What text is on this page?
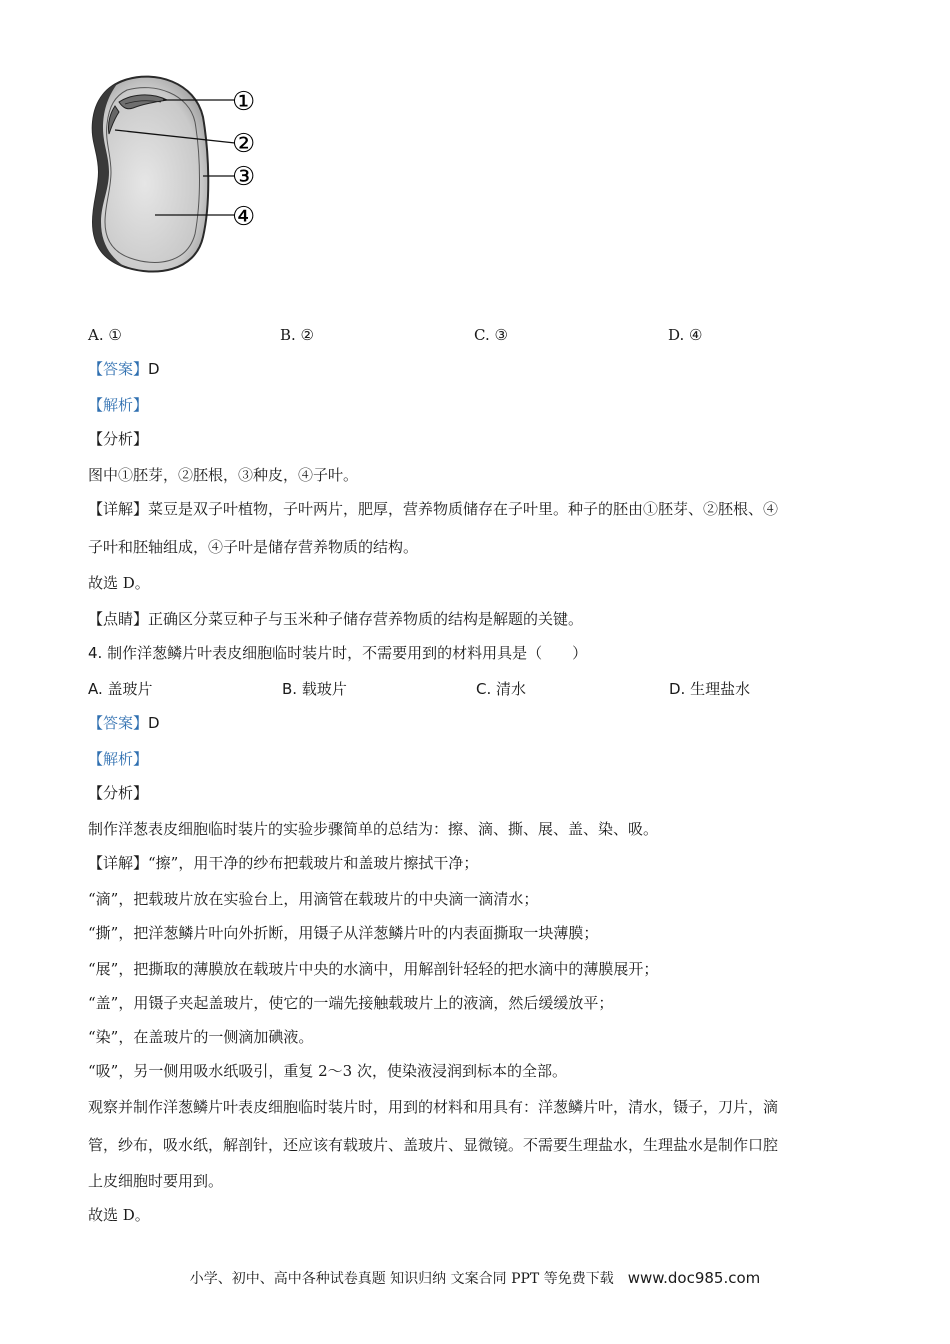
①
②
③
④
A. ①	B. ②	C. ③	D. ④
【答案】D
【解析】
【分析】
图中①胚芽，②胚根，③种皮，④子叶。
【详解】菜豆是双子叶植物，子叶两片，肥厚，营养物质储存在子叶里。种子的胚由①胚芽、②胚根、④
子叶和胚轴组成，④子叶是储存营养物质的结构。
故选 D。
【点睛】正确区分菜豆种子与玉米种子储存营养物质的结构是解题的关键。
4. 制作洋葱鳞片叶表皮细胞临时装片时，不需要用到的材料用具是（　　）
A. 盖玻片	B. 载玻片	C. 清水	D. 生理盐水
【答案】D
【解析】
【分析】
制作洋葱表皮细胞临时装片的实验步骤简单的总结为：擦、滴、撕、展、盖、染、吸。
【详解】“擦”，用干净的纱布把载玻片和盖玻片擦拭干净；
“滴”，把载玻片放在实验台上，用滴管在载玻片的中央滴一滴清水；
“撕”，把洋葱鳞片叶向外折断，用镊子从洋葱鳞片叶的内表面撕取一块薄膜；
“展”，把撕取的薄膜放在载玻片中央的水滴中，用解剖针轻轻的把水滴中的薄膜展开；
“盖”，用镊子夹起盖玻片，使它的一端先接触载玻片上的液滴，然后缓缓放平；
“染”，在盖玻片的一侧滴加碘液。
“吸”，另一侧用吸水纸吸引，重复 2～3 次，使染液浸润到标本的全部。
观察并制作洋葱鳞片叶表皮细胞临时装片时，用到的材料和用具有：洋葱鳞片叶，清水，镊子，刀片，滴
管，纱布，吸水纸，解剖针，还应该有载玻片、盖玻片、显微镜。不需要生理盐水，生理盐水是制作口腔
上皮细胞时要用到。
故选 D。
小学、初中、高中各种试卷真题 知识归纳 文案合同 PPT 等免费下载 www.doc985.com
